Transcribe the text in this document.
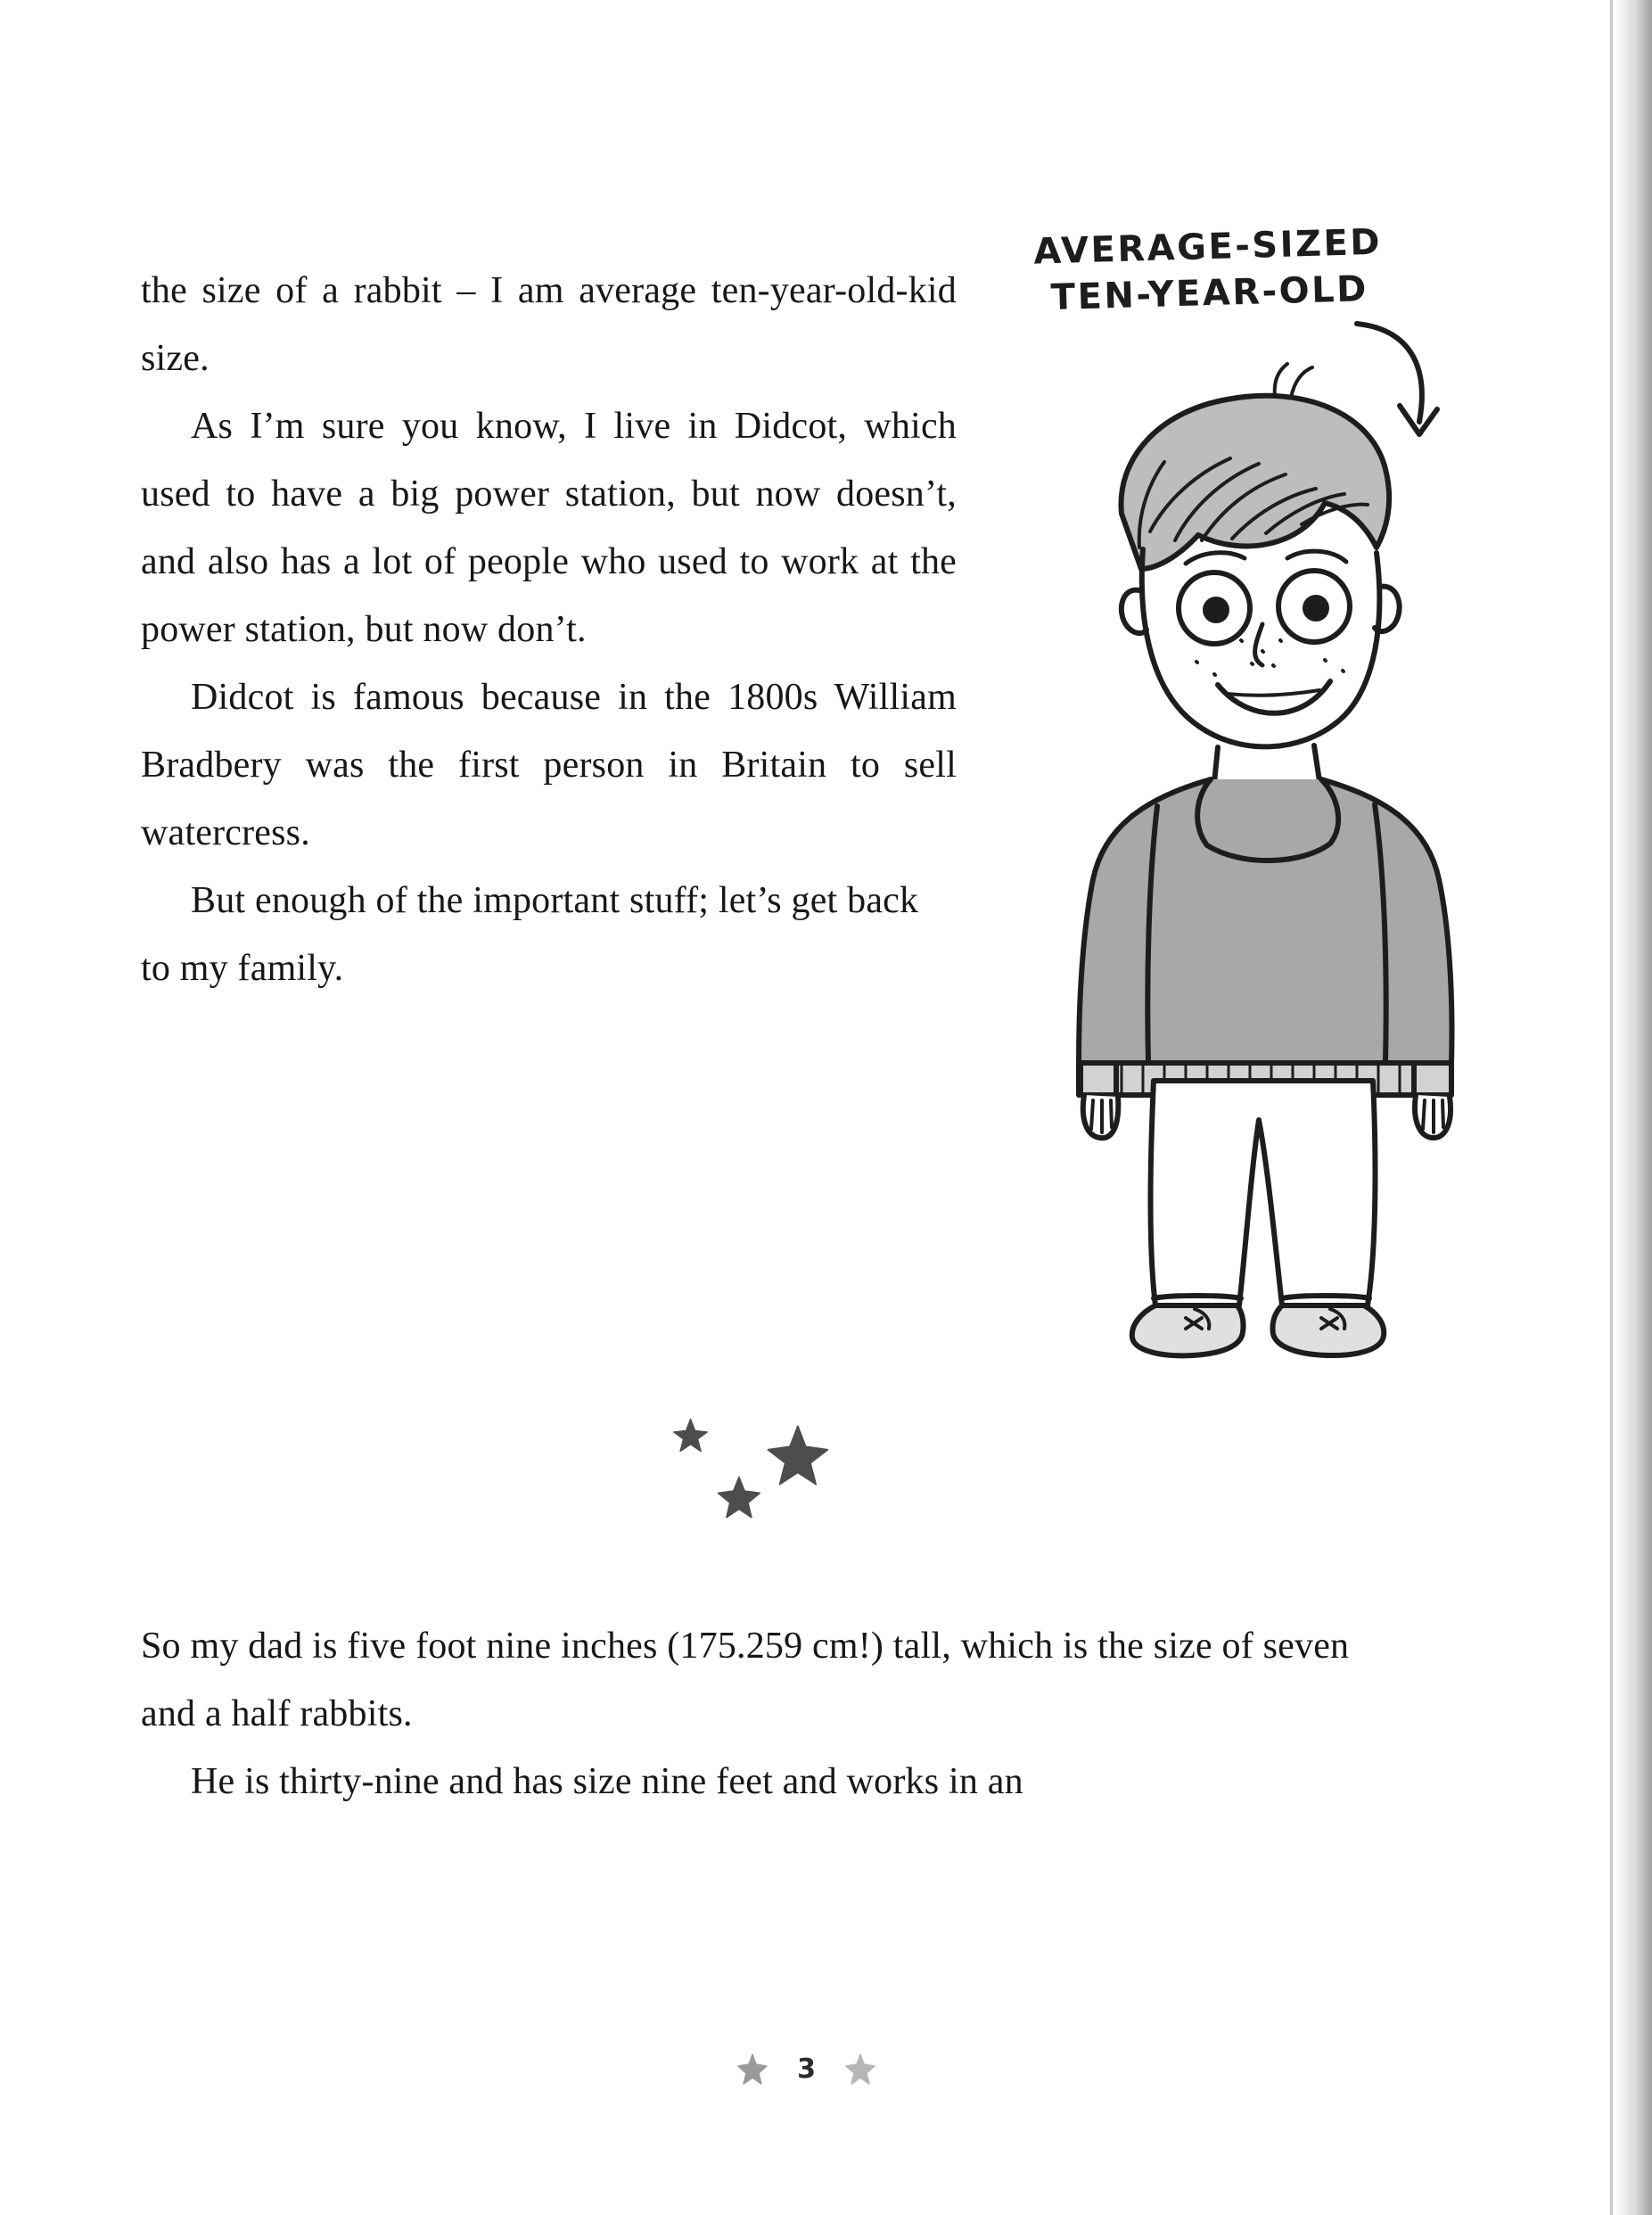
the size of a rabbit – I am average ten-year-old-kid size.

As I’m sure you know, I live in Didcot, which used to have a big power station, but now doesn’t, and also has a lot of people who used to work at the power station, but now don’t.

Didcot is famous because in the 1800s William Bradbery was the first person in Britain to sell watercress.

But enough of the important stuff; let’s get back to my family.

AVERAGE-SIZED
TEN-YEAR-OLD

So my dad is five foot nine inches (175.259 cm!) tall, which is the size of seven and a half rabbits.

He is thirty-nine and has size nine feet and works in an

3
